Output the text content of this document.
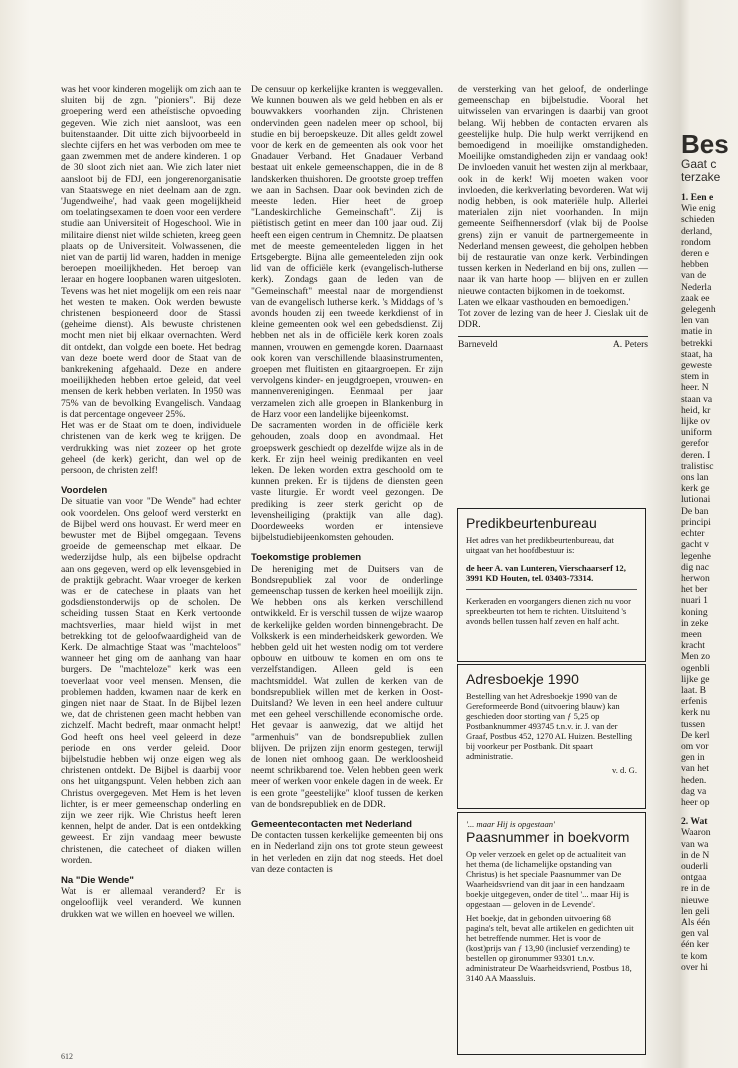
was het voor kinderen mogelijk om zich aan te sluiten bij de zgn. "pioniers". Bij deze groepering werd een atheïstische opvoeding gegeven. Wie zich niet aansloot, was een buitenstaander. Dit uitte zich bijvoorbeeld in slechte cijfers en het was verboden om mee te gaan zwemmen met de andere kinderen. 1 op de 30 sloot zich niet aan. Wie zich later niet aansloot bij de FDJ, een jongerenorganisatie van Staatswege en niet deelnam aan de zgn. 'Jugendweihe', had vaak geen mogelijkheid om toelatingsexamen te doen voor een verdere studie aan Universiteit of Hogeschool. Wie in militaire dienst niet wilde schieten, kreeg geen plaats op de Universiteit. Volwassenen, die niet van de partij lid waren, hadden in menige beroepen moeilijkheden. Het beroep van leraar en hogere loopbanen waren uitgesloten. Tevens was het niet mogelijk om een reis naar het westen te maken. Ook werden bewuste christenen bespioneerd door de Stassi (geheime dienst). Als bewuste christenen mocht men niet bij elkaar overnachten. Werd dit ontdekt, dan volgde een boete. Het bedrag van deze boete werd door de Staat van de bankrekening afgehaald. Deze en andere moeilijkheden hebben ertoe geleid, dat veel mensen de kerk hebben verlaten. In 1950 was 75% van de bevolking Evangelisch. Vandaag is dat percentage ongeveer 25%.

Het was er de Staat om te doen, individuele christenen van de kerk weg te krijgen. De verdrukking was niet zozeer op het grote geheel (de kerk) gericht, dan wel op de persoon, de christen zelf!

Voordelen

De situatie van voor "De Wende" had echter ook voordelen. Ons geloof werd versterkt en de Bijbel werd ons houvast. Er werd meer en bewuster met de Bijbel omgegaan. Tevens groeide de gemeenschap met elkaar. De wederzijdse hulp, als een bijbelse opdracht aan ons gegeven, werd op elk levensgebied in de praktijk gebracht. Waar vroeger de kerken was er de catechese in plaats van het godsdienstonderwijs op de scholen. De scheiding tussen Staat en Kerk vertoonde machtsverlies, maar hield wijst in met betrekking tot de geloofwaardigheid van de Kerk. De almachtige Staat was "machteloos" wanneer het ging om de aanhang van haar burgers. De "machteloze" kerk was een toeverlaat voor veel mensen. Mensen, die problemen hadden, kwamen naar de kerk en gingen niet naar de Staat. In de Bijbel lezen we, dat de christenen geen macht hebben van zichzelf. Macht bedreft, maar onmacht helpt! God heeft ons heel veel geleerd in deze periode en ons verder geleid. Door bijbelstudie hebben wij onze eigen weg als christenen ontdekt. De Bijbel is daarbij voor ons het uitgangspunt. Velen hebben zich aan Christus overgegeven. Met Hem is het leven lichter, is er meer gemeenschap onderling en zijn we zeer rijk. Wie Christus heeft leren kennen, helpt de ander. Dat is een ontdekking geweest. Er zijn vandaag meer bewuste christenen, die catecheet of diaken willen worden.

Na "Die Wende"

Wat is er allemaal veranderd? Er is ongelooflijk veel veranderd. We kunnen drukken wat we willen en hoeveel we willen.

De censuur op kerkelijke kranten is weggevallen. We kunnen bouwen als we geld hebben en als er bouwvakkers voorhanden zijn. Christenen ondervinden geen nadelen meer op school, bij studie en bij beroepskeuze. Dit alles geldt zowel voor de kerk en de gemeenten als ook voor het Gnadauer Verband. Het Gnadauer Verband bestaat uit enkele gemeenschappen, die in de 8 landskerken thuishoren. De grootste groep treffen we aan in Sachsen. Daar ook bevinden zich de meeste leden. Hier heet de groep "Landeskirchliche Gemeinschaft". Zij is piëtistisch getint en meer dan 100 jaar oud. Zij heeft een eigen centrum in Chemnitz. De plaatsen met de meeste gemeenteleden liggen in het Ertsgebergte. Bijna alle gemeenteleden zijn ook lid van de officiële kerk (evangelisch-lutherse kerk). Zondags gaan de leden van de "Gemeinschaft" meestal naar de morgendienst van de evangelisch lutherse kerk. 's Middags of 's avonds houden zij een tweede kerkdienst of in kleine gemeenten ook wel een gebedsdienst. Zij hebben net als in de officiële kerk koren zoals mannen, vrouwen en gemengde koren. Daarnaast ook koren van verschillende blaasinstrumenten, groepen met fluitisten en gitaargroepen. Er zijn vervolgens kinder- en jeugdgroepen, vrouwen- en mannenverenigingen. Eenmaal per jaar verzamelen zich alle groepen in Blankenburg in de Harz voor een landelijke bijeenkomst.

De sacramenten worden in de officiële kerk gehouden, zoals doop en avondmaal. Het groepswerk geschiedt op dezelfde wijze als in de kerk. Er zijn heel weinig predikanten en veel leken. De leken worden extra geschoold om te kunnen preken. Er is tijdens de diensten geen vaste liturgie. Er wordt veel gezongen. De prediking is zeer sterk gericht op de levensheiliging (praktijk van alle dag). Doordeweeks worden er intensieve bijbelstudiebijeenkomsten gehouden.

Toekomstige problemen

De hereniging met de Duitsers van de Bondsrepubliek zal voor de onderlinge gemeenschap tussen de kerken heel moeilijk zijn. We hebben ons als kerken verschillend ontwikkeld. Er is verschil tussen de wijze waarop de kerkelijke gelden worden binnengebracht. De Volkskerk is een minderheidskerk geworden. We hebben geld uit het westen nodig om tot verdere opbouw en uitbouw te komen en om ons te verzelfstandigen. Alleen geld is een machtsmiddel. Wat zullen de kerken van de bondsrepubliek willen met de kerken in Oost-Duitsland? We leven in een heel andere cultuur met een geheel verschillende economische orde. Het gevaar is aanwezig, dat we altijd het "armenhuis" van de bondsrepubliek zullen blijven. De prijzen zijn enorm gestegen, terwijl de lonen niet omhoog gaan. De werkloosheid neemt schrikbarend toe. Velen hebben geen werk meer of werken voor enkele dagen in de week. Er is een grote "geestelijke" kloof tussen de kerken van de bondsrepubliek en de DDR.

Gemeentecontacten met Nederland

De contacten tussen kerkelijke gemeenten bij ons en in Nederland zijn ons tot grote steun geweest in het verleden en zijn dat nog steeds. Het doel van deze contacten is

de versterking van het geloof, de onderlinge gemeenschap en bijbelstudie. Vooral het uitwisselen van ervaringen is daarbij van groot belang. Wij hebben de contacten ervaren als geestelijke hulp. Die hulp werkt verrijkend en bemoedigend in moeilijke omstandigheden. Moeilijke omstandigheden zijn er vandaag ook! De invloeden vanuit het westen zijn al merkbaar, ook in de kerk! Wij moeten waken voor invloeden, die kerkverlating bevorderen. Wat wij nodig hebben, is ook materiële hulp. Allerlei materialen zijn niet voorhanden. In mijn gemeente Seifhennersdorf (vlak bij de Poolse grens) zijn er vanuit de partnergemeente in Nederland mensen geweest, die geholpen hebben bij de restauratie van onze kerk. Verbindingen tussen kerken in Nederland en bij ons, zullen — naar ik van harte hoop — blijven en er zullen nieuwe contacten bijkomen in de toekomst.

Laten we elkaar vasthouden en bemoedigen.'

Tot zover de lezing van de heer J. Cieslak uit de DDR.

Barneveld	A. Peters
Predikbeurtenbureau

Het adres van het predikbeurtenbureau, dat uitgaat van het hoofdbestuur is:

de heer A. van Lunteren, Vierschaarserf 12, 3991 KD Houten, tel. 03403-73314.

Kerkeraden en voorgangers dienen zich nu voor spreekbeurten tot hem te richten. Uitsluitend 's avonds bellen tussen half zeven en half acht.

Adresboekje 1990

Bestelling van het Adresboekje 1990 van de Gereformeerde Bond (uitvoering blauw) kan geschieden door storting van ƒ 5,25 op Postbanknummer 493745 t.n.v. ir. J. van der Graaf, Postbus 452, 1270 AL Huizen. Bestelling bij voorkeur per Postbank. Dit spaart administratie.

v. d. G.

'... maar Hij is opgestaan'

Paasnummer in boekvorm

Op veler verzoek en gelet op de actualiteit van het thema (de lichamelijke opstanding van Christus) is het speciale Paasnummer van De Waarheidsvriend van dit jaar in een handzaam boekje uitgegeven, onder de titel '... maar Hij is opgestaan — geloven in de Levende'.

Het boekje, dat in gebonden uitvoering 68 pagina's telt, bevat alle artikelen en gedichten uit het betreffende nummer. Het is voor de (kost)prijs van ƒ 13,90 (inclusief verzending) te bestellen op gironummer 93301 t.n.v. administrateur De Waarheidsvriend, Postbus 18, 3140 AA Maassluis.

Bes
Gaat c
terzake
1. Een e
Wie enig
schieden
derland,
rondom
deren e
hebben
van de
Nederla
zaak ee
gelegenh
len van
matie in
betrekki
staat, ha
geweste
stem in
heer. N
staan va
heid, kr
lijke ov
uniform
gerefor
deren. I
tralistisc
ons lan
kerk ge
lutionai
De ban
principi
echter
gacht v
legenhe
dig nac
herwon
het ber
nuari 1
koning
in zeke
meen
kracht
Men zo
ogenbli
lijke ge
laat. B
erfenis
kerk nu
tussen
De kerl
om vor
gen in
van het
heden.
dag va
heer op
2. Wat
Waaron
van wa
in de N
ouderli
ontgaa
re in de
nieuwe
len geli
Als één
gen val
één ker
te kom
over hi
612
